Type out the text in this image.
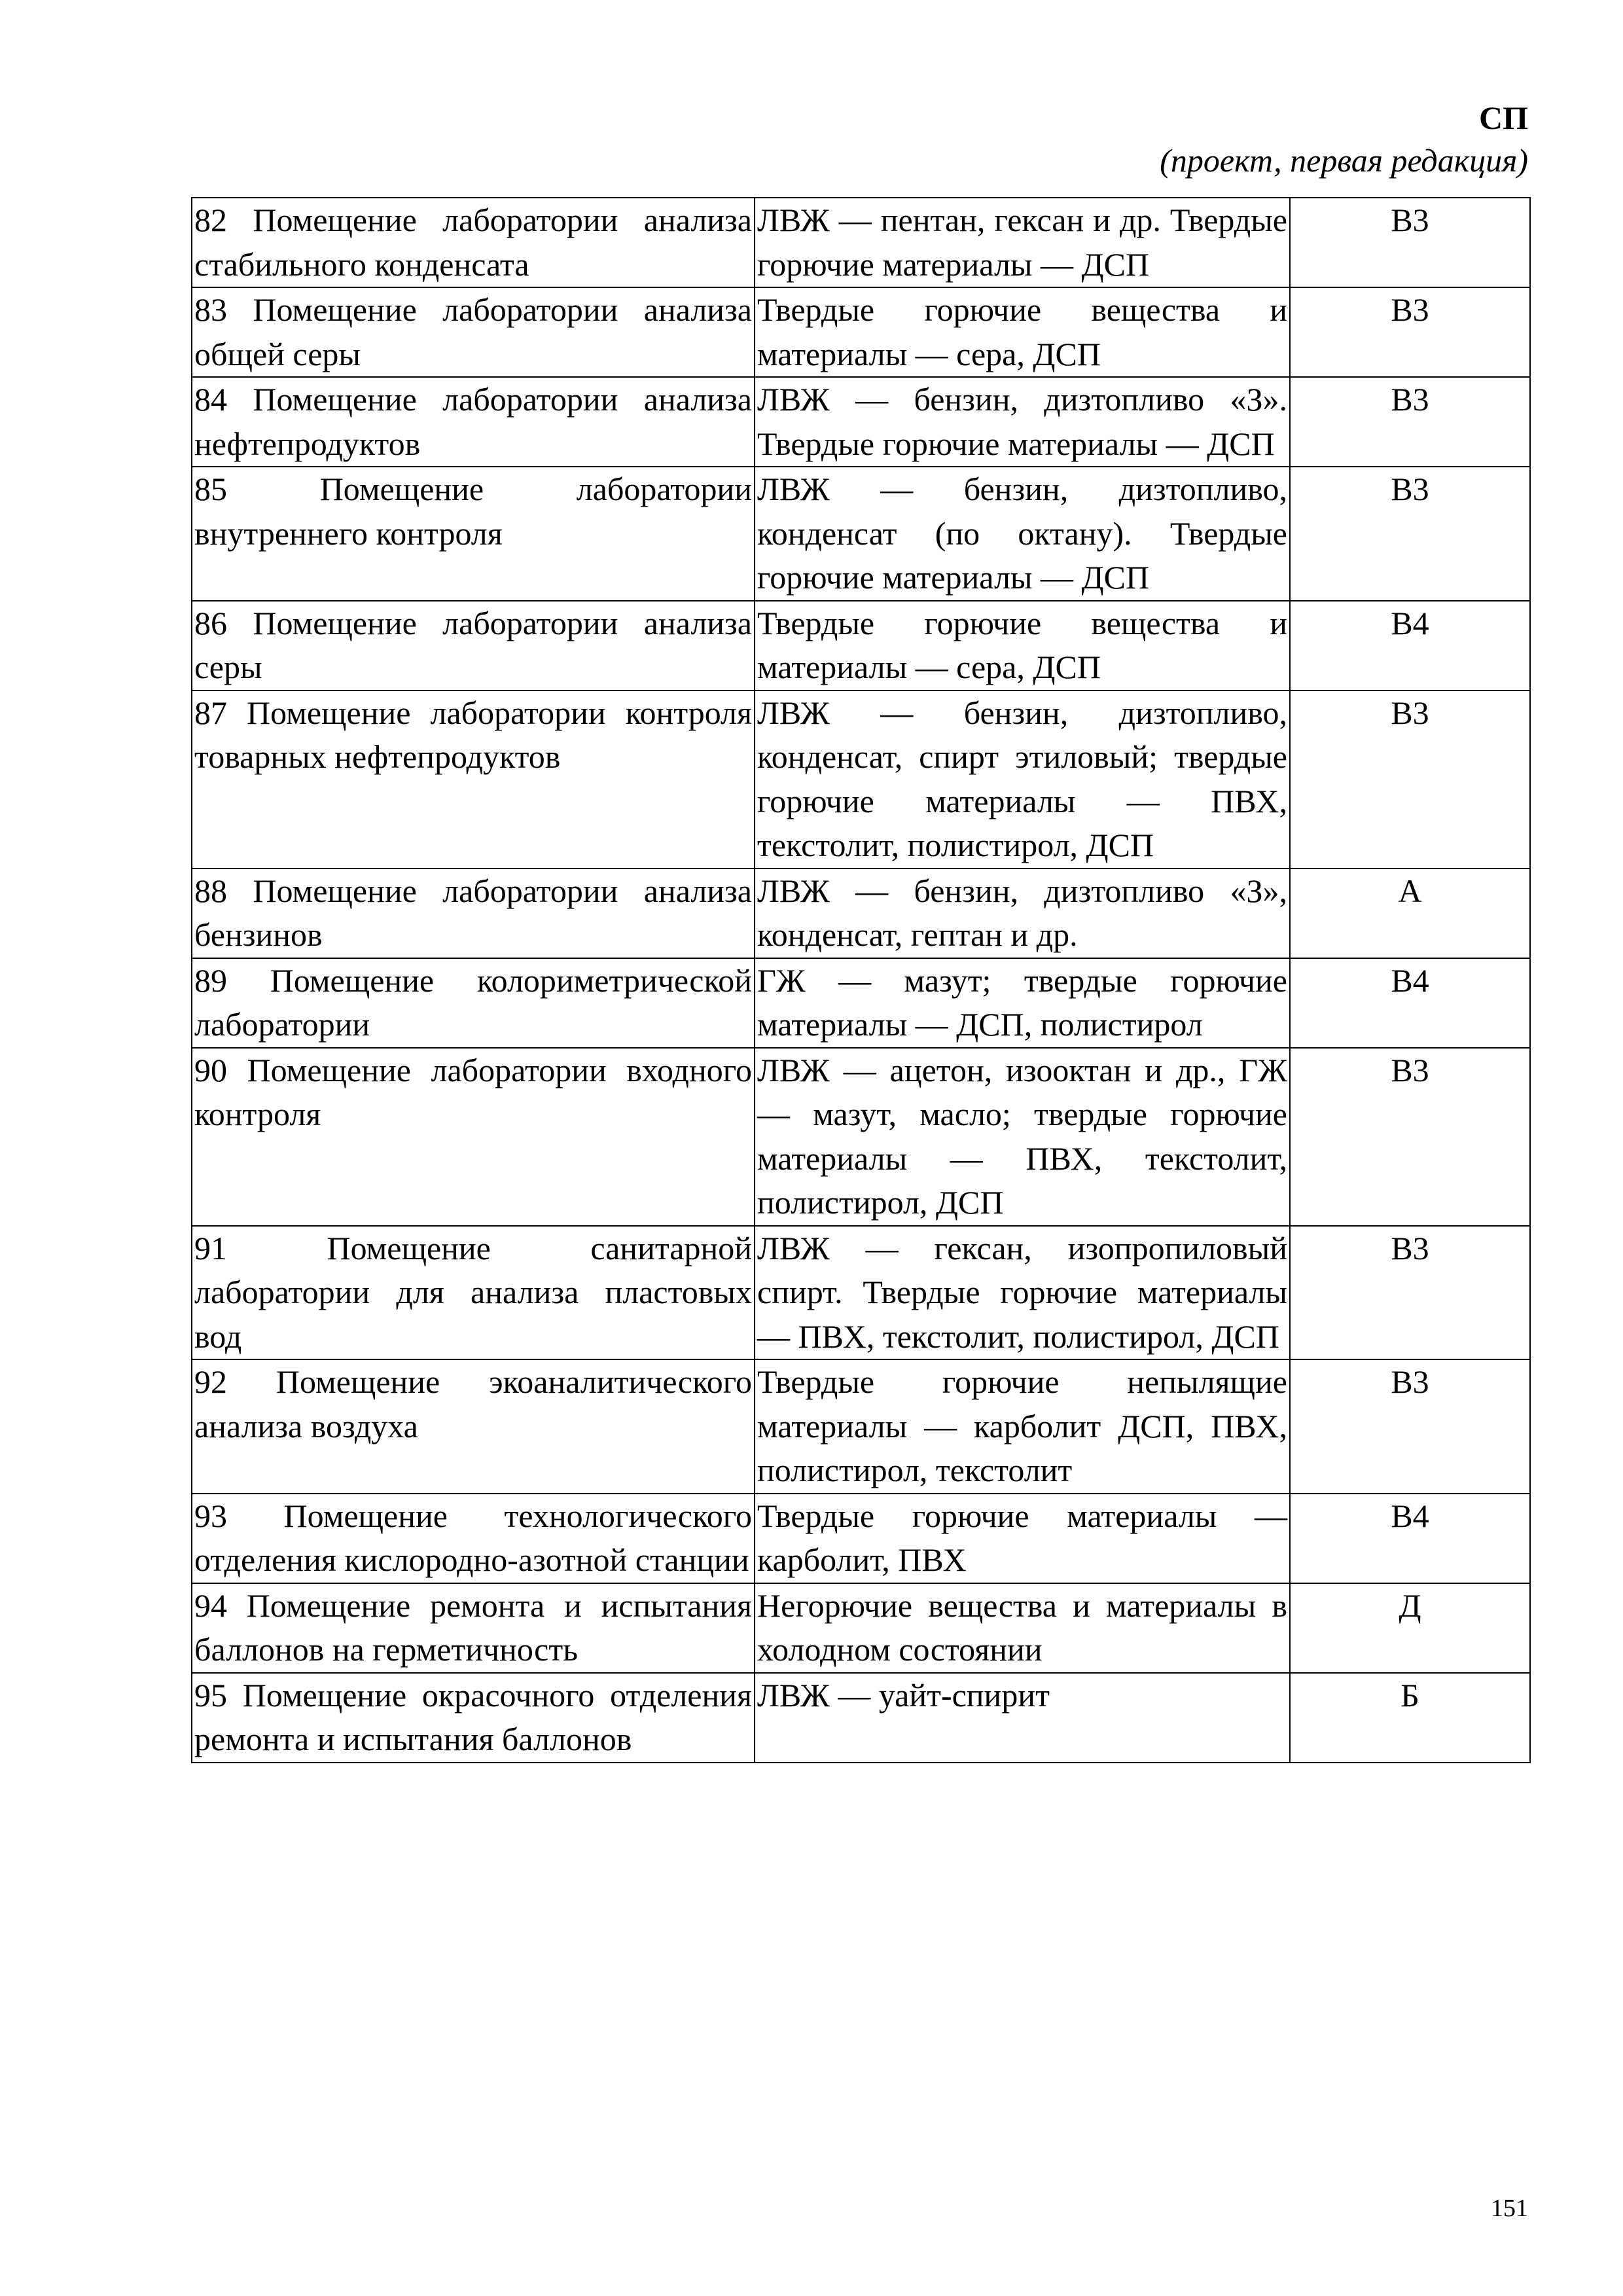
СП
(проект, первая редакция)
82 Помещение лаборатории анализа стабильного конденсата	ЛВЖ — пентан, гексан и др. Твердые горючие материалы — ДСП	В3
83 Помещение лаборатории анализа общей серы	Твердые горючие вещества и материалы — сера, ДСП	В3
84 Помещение лаборатории анализа нефтепродуктов	ЛВЖ — бензин, дизтопливо «З». Твердые горючие материалы — ДСП	В3
85 Помещение лаборатории внутреннего контроля	ЛВЖ — бензин, дизтопливо, конденсат (по октану). Твердые горючие материалы — ДСП	В3
86 Помещение лаборатории анализа серы	Твердые горючие вещества и материалы — сера, ДСП	В4
87 Помещение лаборатории контроля товарных нефтепродуктов	ЛВЖ — бензин, дизтопливо, конденсат, спирт этиловый; твердые горючие материалы — ПВХ, текстолит, полистирол, ДСП	В3
88 Помещение лаборатории анализа бензинов	ЛВЖ — бензин, дизтопливо «З», конденсат, гептан и др.	А
89 Помещение колориметрической лаборатории	ГЖ — мазут; твердые горючие материалы — ДСП, полистирол	В4
90 Помещение лаборатории входного контроля	ЛВЖ — ацетон, изооктан и др., ГЖ — мазут, масло; твердые горючие материалы — ПВХ, текстолит, полистирол, ДСП	В3
91 Помещение санитарной лаборатории для анализа пластовых вод	ЛВЖ — гексан, изопропиловый спирт. Твердые горючие материалы — ПВХ, текстолит, полистирол, ДСП	В3
92 Помещение экоаналитического анализа воздуха	Твердые горючие непылящие материалы — карболит ДСП, ПВХ, полистирол, текстолит	В3
93 Помещение технологического отделения кислородно-азотной станции	Твердые горючие материалы — карболит, ПВХ	В4
94 Помещение ремонта и испытания баллонов на герметичность	Негорючие вещества и материалы в холодном состоянии	Д
95 Помещение окрасочного отделения ремонта и испытания баллонов	ЛВЖ — уайт-спирит	Б
151
